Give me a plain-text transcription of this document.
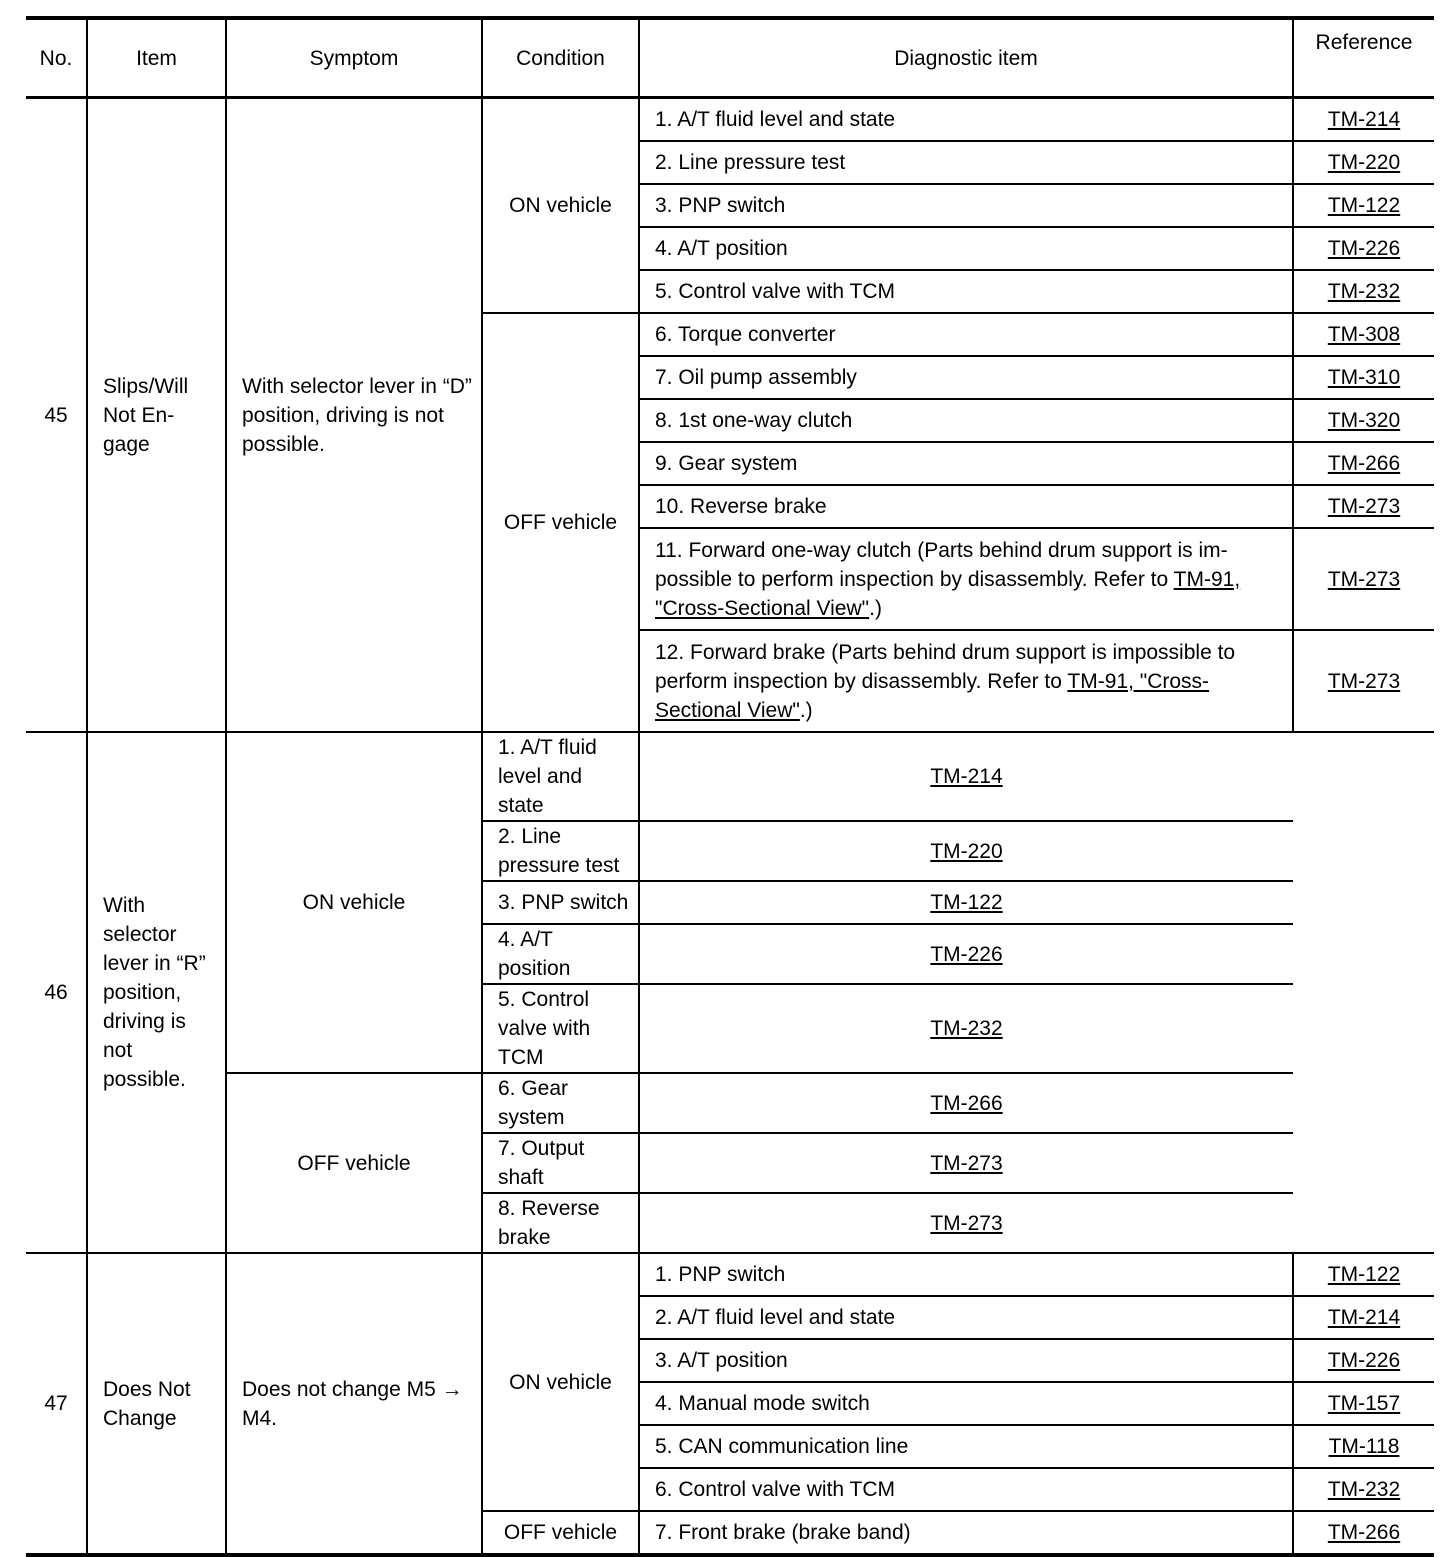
No.	Item	Symptom	Condition	Diagnostic item	Reference
45	Slips/Will Not En-gage	With selector lever in “D” position, driving is not possible.	ON vehicle	1. A/T fluid level and state	TM-214
				2. Line pressure test	TM-220
				3. PNP switch	TM-122
				4. A/T position	TM-226
				5. Control valve with TCM	TM-232
			OFF vehicle	6. Torque converter	TM-308
				7. Oil pump assembly	TM-310
				8. 1st one-way clutch	TM-320
				9. Gear system	TM-266
				10. Reverse brake	TM-273
				11. Forward one-way clutch (Parts behind drum support is im-possible to perform inspection by disassembly. Refer to TM-91, "Cross-Sectional View".)	TM-273
				12. Forward brake (Parts behind drum support is impossible to perform inspection by disassembly. Refer to TM-91, "Cross-Sectional View".)	TM-273
46	With selector lever in “R” position, driving is not possible.	ON vehicle	1. A/T fluid level and state	TM-214	
			2. Line pressure test	TM-220	
			3. PNP switch	TM-122	
			4. A/T position	TM-226	
			5. Control valve with TCM	TM-232	
		OFF vehicle	6. Gear system	TM-266	
			7. Output shaft	TM-273	
			8. Reverse brake	TM-273	
47	Does Not Change	Does not change M5 → M4.	ON vehicle	1. PNP switch	TM-122
				2. A/T fluid level and state	TM-214
				3. A/T position	TM-226
				4. Manual mode switch	TM-157
				5. CAN communication line	TM-118
				6. Control valve with TCM	TM-232
			OFF vehicle	7. Front brake (brake band)	TM-266
